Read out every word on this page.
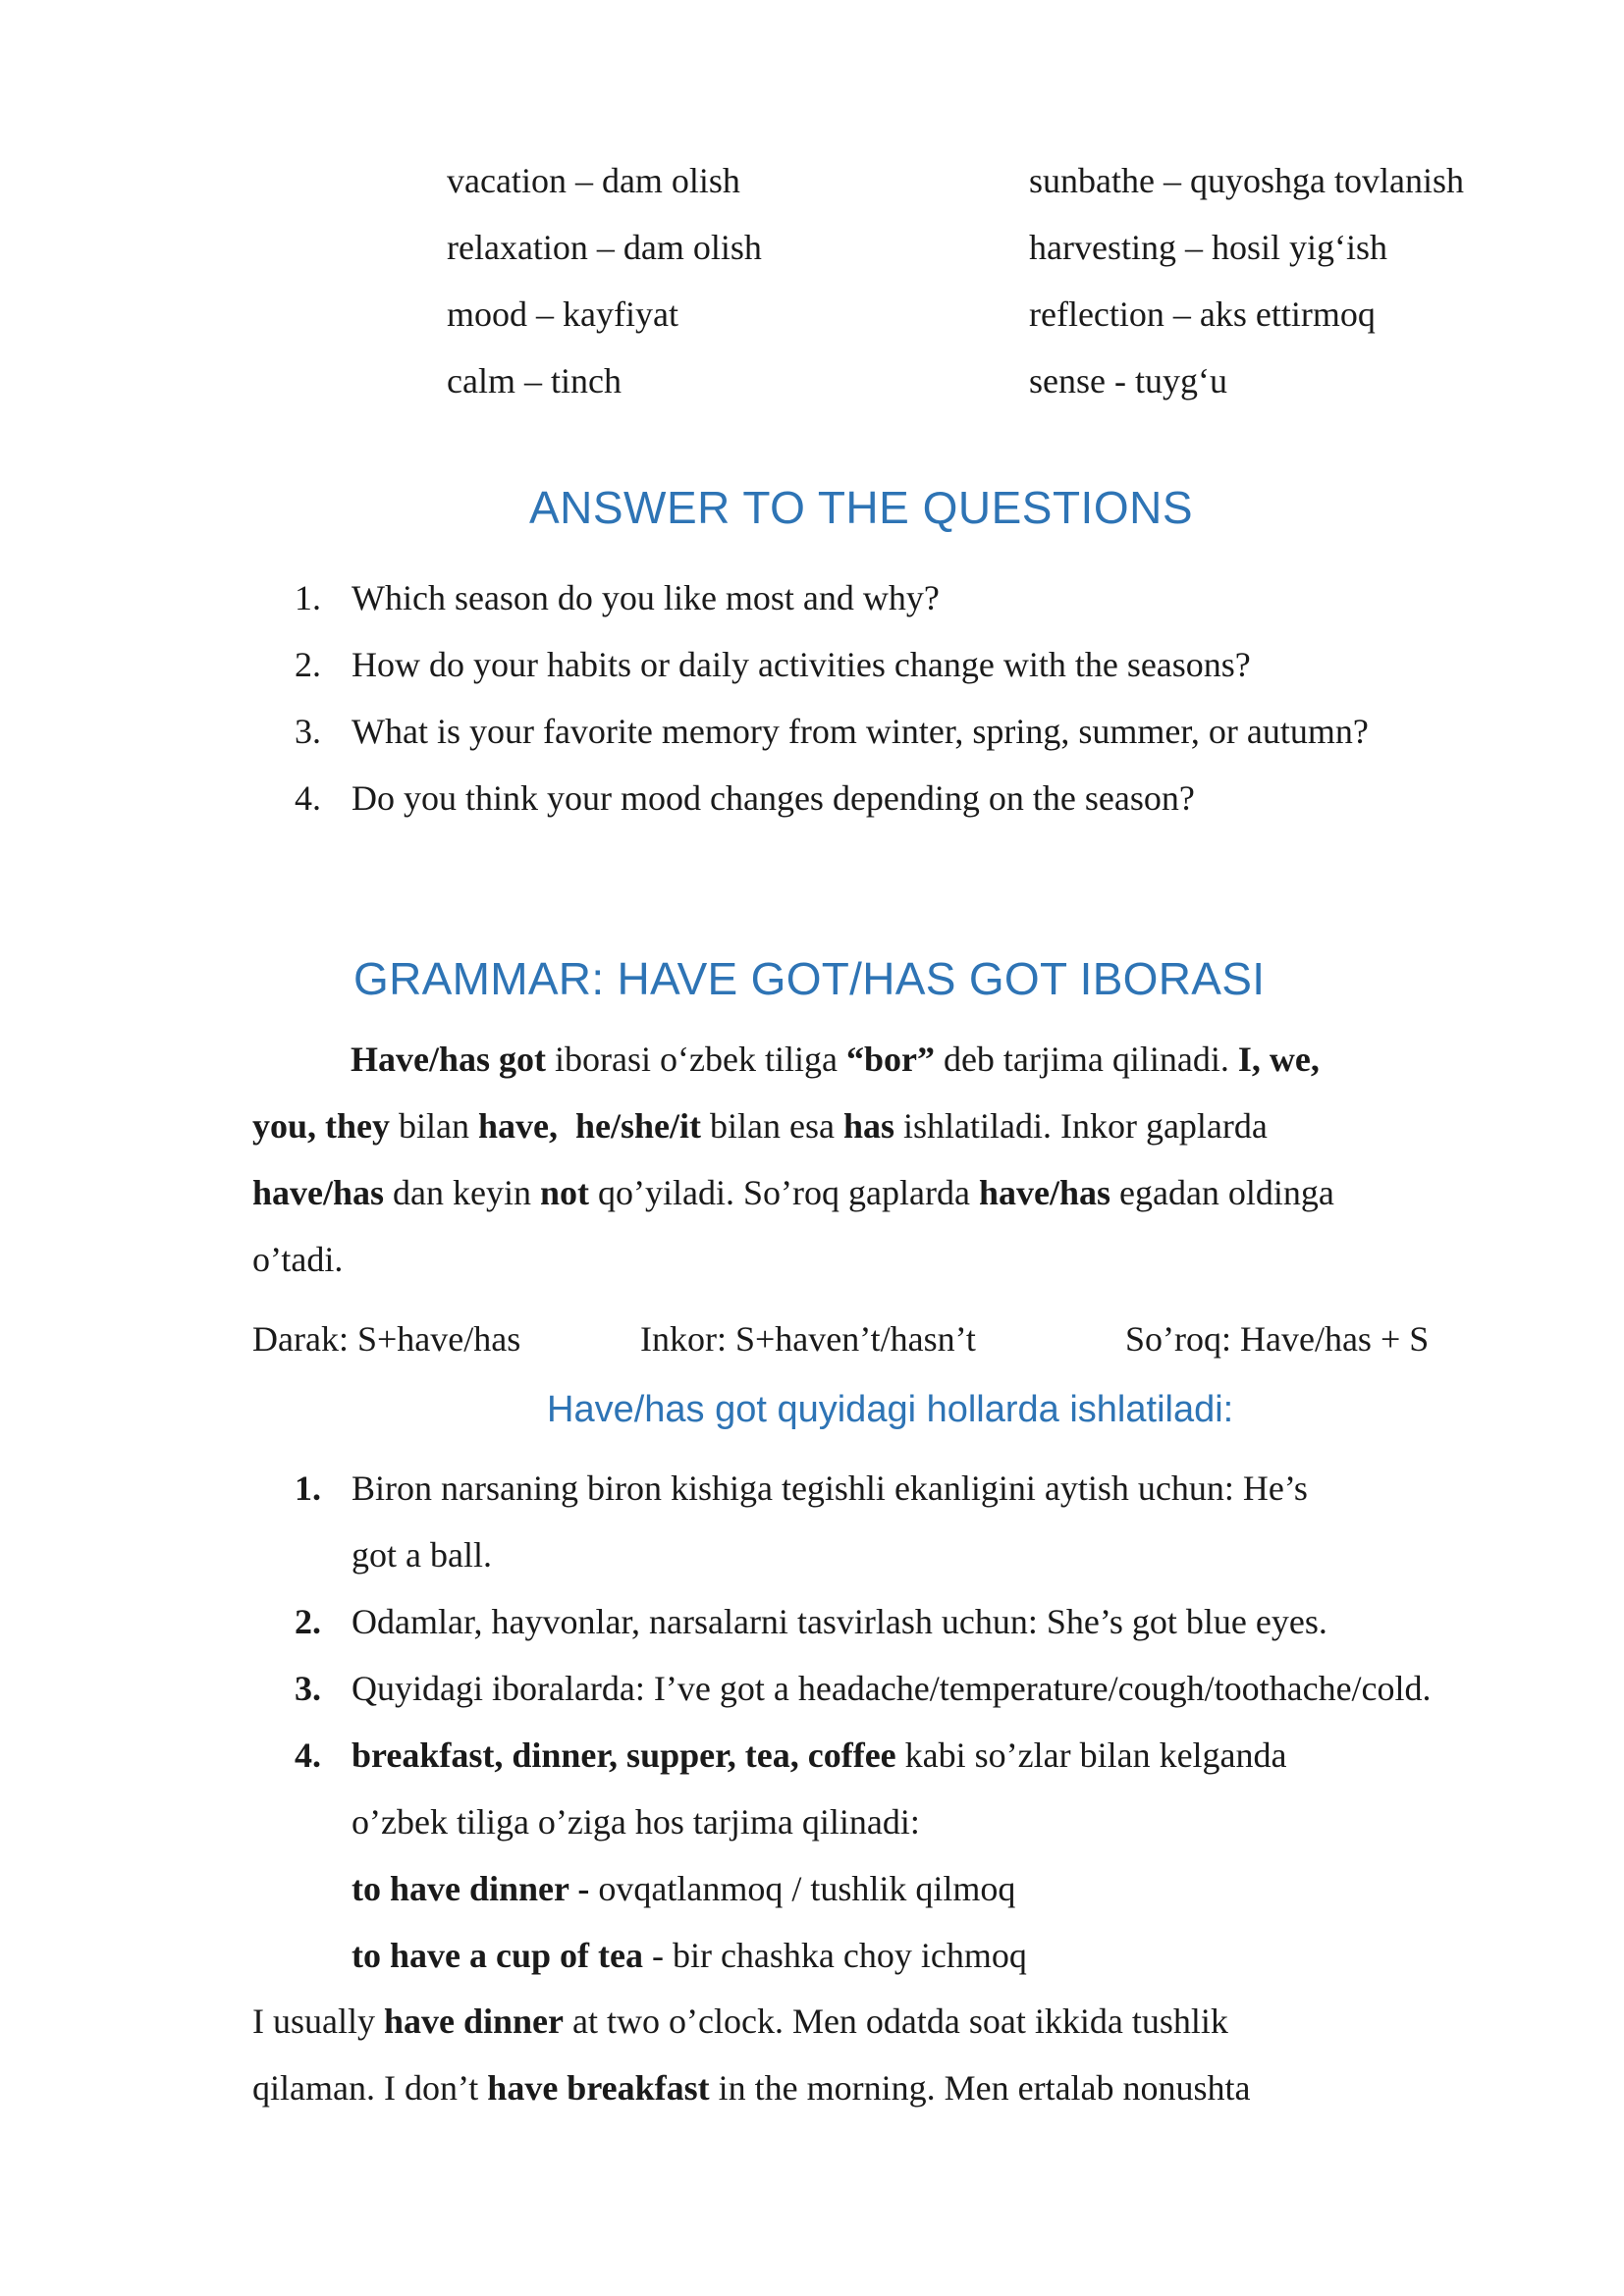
vacation – dam olish
relaxation – dam olish
mood – kayfiyat
calm – tinch
sunbathe – quyoshga tovlanish
harvesting – hosil yig‘ish
reflection – aks ettirmoq
sense - tuyg‘u
ANSWER TO THE QUESTIONS
1. Which season do you like most and why?
2. How do your habits or daily activities change with the seasons?
3. What is your favorite memory from winter, spring, summer, or autumn?
4. Do you think your mood changes depending on the season?
GRAMMAR: HAVE GOT/HAS GOT IBORASI
Have/has got iborasi o‘zbek tiligа “bor” deb tarjima qilinadi. I, we,
you, they bilan have, he/she/it bilan esa has ishlatiladi. Inkor gaplarda
have/has dan keyin not qo’yiladi. So’roq gaplarda have/has egadan oldinga
o’tadi.
Darak: S+have/has	Inkor: S+haven’t/hasn’t	So’roq: Have/has + S
Have/has got quyidagi hollarda ishlatiladi:
1. Biron narsaning biron kishiga tegishli ekanligini aytish uchun: He’s
got a ball.
2. Odamlar, hayvonlar, narsalarni tasvirlash uchun: She’s got blue eyes.
3. Quyidagi iboralarda: I’ve got a headache/temperature/cough/toothache/cold.
4. breakfast, dinner, supper, tea, coffee kabi so’zlar bilan kelganda
o’zbek tiliga o’ziga hos tarjima qilinadi:
to have dinner - ovqatlanmoq / tushlik qilmoq
to have a cup of tea - bir chashka choy ichmoq
I usually have dinner at two o’clock. Men odatda soat ikkida tushlik
qilaman. I don’t have breakfast in the morning. Men ertalab nonushta
